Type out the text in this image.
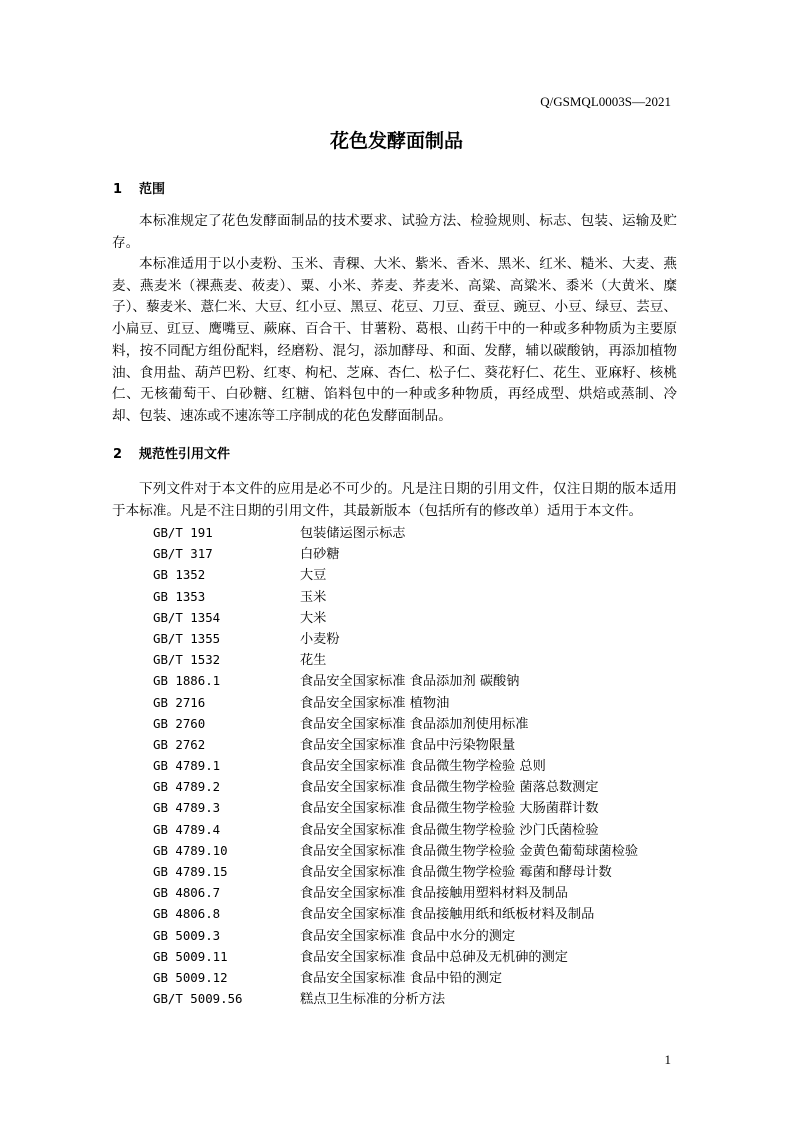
Q/GSMQL0003S—2021
花色发酵面制品
1 范围
本标准规定了花色发酵面制品的技术要求、试验方法、检验规则、标志、包装、运输及贮存。
本标准适用于以小麦粉、玉米、青稞、大米、紫米、香米、黑米、红米、糙米、大麦、燕麦、燕麦米（裸燕麦、莜麦）、粟、小米、荞麦、荞麦米、高粱、高粱米、黍米（大黄米、糜子）、藜麦米、薏仁米、大豆、红小豆、黑豆、花豆、刀豆、蚕豆、豌豆、小豆、绿豆、芸豆、小扁豆、豇豆、鹰嘴豆、蕨麻、百合干、甘薯粉、葛根、山药干中的一种或多种物质为主要原料，按不同配方组份配料，经磨粉、混匀，添加酵母、和面、发酵，辅以碳酸钠，再添加植物油、食用盐、葫芦巴粉、红枣、枸杞、芝麻、杏仁、松子仁、葵花籽仁、花生、亚麻籽、核桃仁、无核葡萄干、白砂糖、红糖、馅料包中的一种或多种物质，再经成型、烘焙或蒸制、冷却、包装、速冻或不速冻等工序制成的花色发酵面制品。
2 规范性引用文件
下列文件对于本文件的应用是必不可少的。凡是注日期的引用文件，仅注日期的版本适用于本标准。凡是不注日期的引用文件，其最新版本（包括所有的修改单）适用于本文件。
GB/T 191	包装储运图示标志
GB/T 317	白砂糖
GB 1352	大豆
GB 1353	玉米
GB/T 1354	大米
GB/T 1355	小麦粉
GB/T 1532	花生
GB 1886.1	食品安全国家标准 食品添加剂 碳酸钠
GB 2716	食品安全国家标准 植物油
GB 2760	食品安全国家标准 食品添加剂使用标准
GB 2762	食品安全国家标准 食品中污染物限量
GB 4789.1	食品安全国家标准 食品微生物学检验 总则
GB 4789.2	食品安全国家标准 食品微生物学检验 菌落总数测定
GB 4789.3	食品安全国家标准 食品微生物学检验 大肠菌群计数
GB 4789.4	食品安全国家标准 食品微生物学检验 沙门氏菌检验
GB 4789.10	食品安全国家标准 食品微生物学检验 金黄色葡萄球菌检验
GB 4789.15	食品安全国家标准 食品微生物学检验 霉菌和酵母计数
GB 4806.7	食品安全国家标准 食品接触用塑料材料及制品
GB 4806.8	食品安全国家标准 食品接触用纸和纸板材料及制品
GB 5009.3	食品安全国家标准 食品中水分的测定
GB 5009.11	食品安全国家标准 食品中总砷及无机砷的测定
GB 5009.12	食品安全国家标准 食品中铅的测定
GB/T 5009.56	糕点卫生标准的分析方法
1
